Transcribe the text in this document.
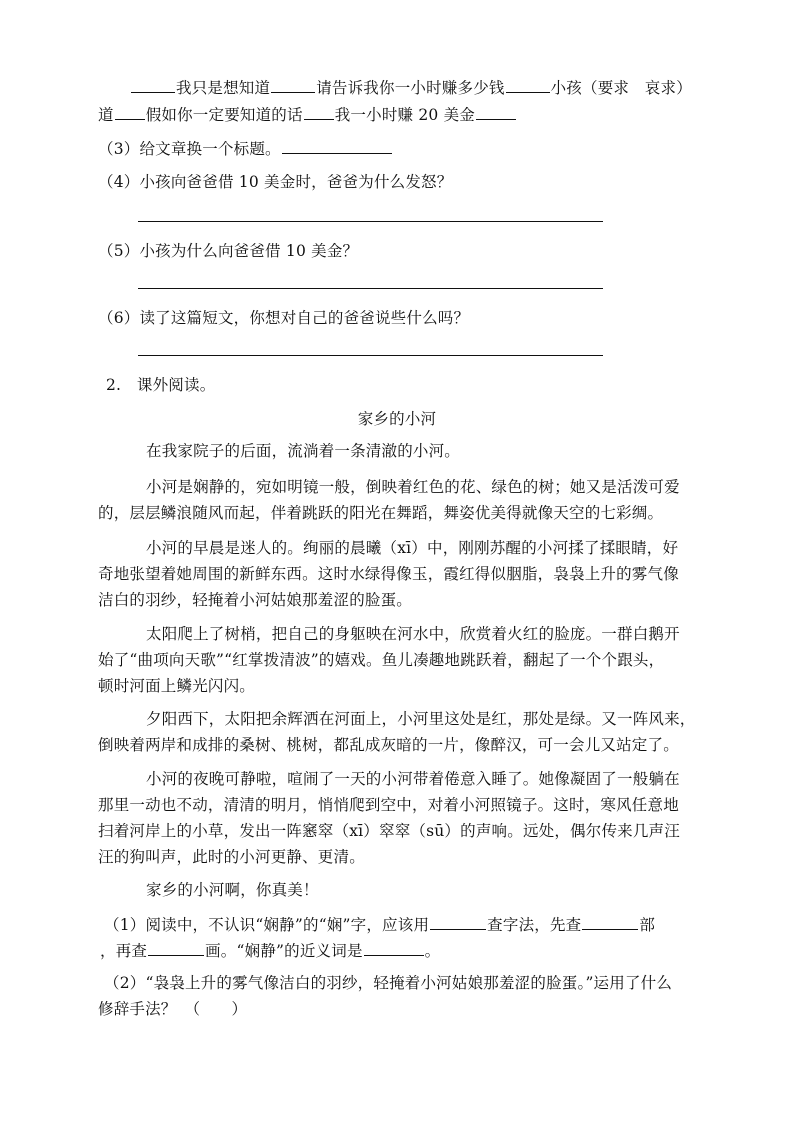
我只是想知道	请告诉我你一小时赚多少钱	小孩（要求　哀求）
道 假如你一定要知道的话 我一小时赚 20 美金
（3）给文章换一个标题。
（4）小孩向爸爸借 10 美金时，爸爸为什么发怒？
（5）小孩为什么向爸爸借 10 美金？
（6）读了这篇短文，你想对自己的爸爸说些什么吗？
2.　课外阅读。
家乡的小河
在我家院子的后面，流淌着一条清澈的小河。
小河是娴静的，宛如明镜一般，倒映着红色的花、绿色的树；她又是活泼可爱
的，层层鳞浪随风而起，伴着跳跃的阳光在舞蹈，舞姿优美得就像天空的七彩绸。
小河的早晨是迷人的。绚丽的晨曦（xī）中，刚刚苏醒的小河揉了揉眼睛，好
奇地张望着她周围的新鲜东西。这时水绿得像玉，霞红得似胭脂，袅袅上升的雾气像
洁白的羽纱，轻掩着小河姑娘那羞涩的脸蛋。
太阳爬上了树梢，把自己的身躯映在河水中，欣赏着火红的脸庞。一群白鹅开
始了“曲项向天歌”“红掌拨清波”的嬉戏。鱼儿凑趣地跳跃着，翻起了一个个跟头，
顿时河面上鳞光闪闪。
夕阳西下，太阳把余辉洒在河面上，小河里这处是红，那处是绿。又一阵风来，
倒映着两岸和成排的桑树、桃树，都乱成灰暗的一片，像醉汉，可一会儿又站定了。
小河的夜晚可静啦，喧闹了一天的小河带着倦意入睡了。她像凝固了一般躺在
那里一动也不动，清清的明月，悄悄爬到空中，对着小河照镜子。这时，寒风任意地
扫着河岸上的小草，发出一阵窸窣（xī）窣窣（sū）的声响。远处，偶尔传来几声汪
汪的狗叫声，此时的小河更静、更清。
家乡的小河啊，你真美！
（1）阅读中，不认识“娴静”的“娴”字，应该用	查字法，先查	部
，再查	画。“娴静”的近义词是	。
（2）“袅袅上升的雾气像洁白的羽纱，轻掩着小河姑娘那羞涩的脸蛋。”运用了什么
修辞手法？　（　　）
